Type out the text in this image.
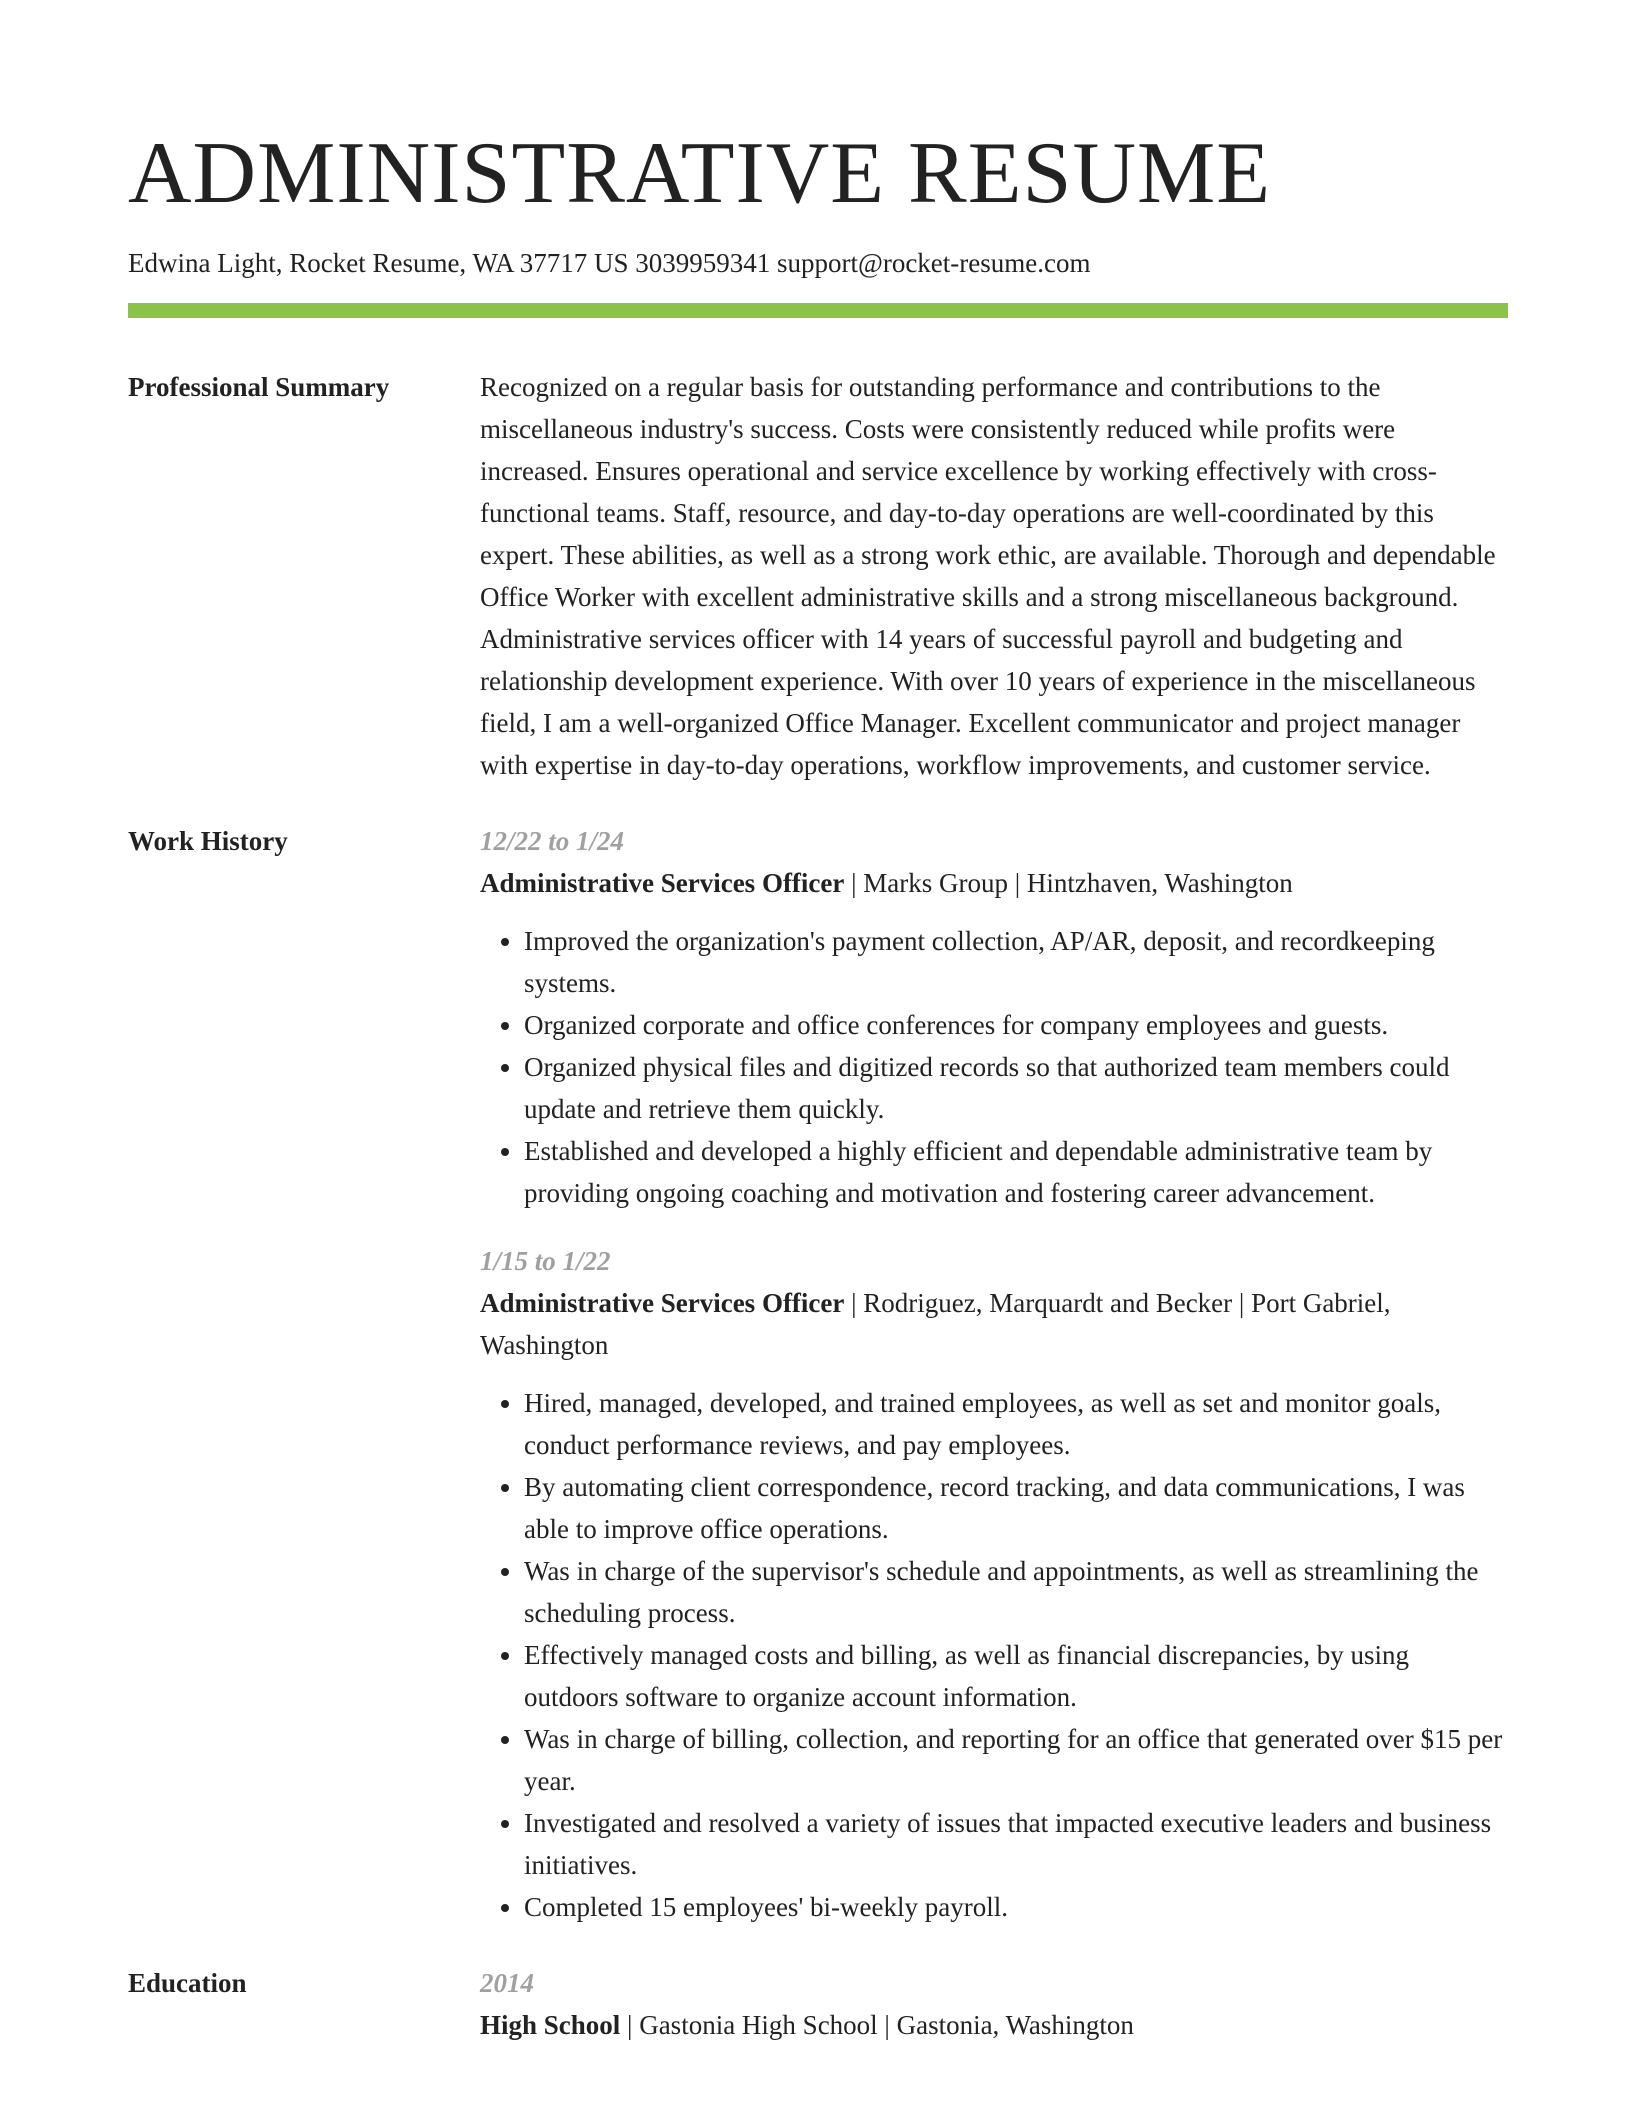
ADMINISTRATIVE RESUME
Edwina Light, Rocket Resume, WA 37717 US 3039959341 support@rocket-resume.com
Professional Summary	Recognized on a regular basis for outstanding performance and contributions to the miscellaneous industry's success. Costs were consistently reduced while profits were increased. Ensures operational and service excellence by working effectively with cross-functional teams. Staff, resource, and day-to-day operations are well-coordinated by this expert. These abilities, as well as a strong work ethic, are available. Thorough and dependable Office Worker with excellent administrative skills and a strong miscellaneous background. Administrative services officer with 14 years of successful payroll and budgeting and relationship development experience. With over 10 years of experience in the miscellaneous field, I am a well-organized Office Manager. Excellent communicator and project manager with expertise in day-to-day operations, workflow improvements, and customer service.

Work History	12/22 to 1/24
Administrative Services Officer | Marks Group | Hintzhaven, Washington
• Improved the organization's payment collection, AP/AR, deposit, and recordkeeping systems.
• Organized corporate and office conferences for company employees and guests.
• Organized physical files and digitized records so that authorized team members could update and retrieve them quickly.
• Established and developed a highly efficient and dependable administrative team by providing ongoing coaching and motivation and fostering career advancement.
1/15 to 1/22
Administrative Services Officer | Rodriguez, Marquardt and Becker | Port Gabriel, Washington
• Hired, managed, developed, and trained employees, as well as set and monitor goals, conduct performance reviews, and pay employees.
• By automating client correspondence, record tracking, and data communications, I was able to improve office operations.
• Was in charge of the supervisor's schedule and appointments, as well as streamlining the scheduling process.
• Effectively managed costs and billing, as well as financial discrepancies, by using outdoors software to organize account information.
• Was in charge of billing, collection, and reporting for an office that generated over $15 per year.
• Investigated and resolved a variety of issues that impacted executive leaders and business initiatives.
• Completed 15 employees' bi-weekly payroll.
Education	2014
High School | Gastonia High School | Gastonia, Washington
